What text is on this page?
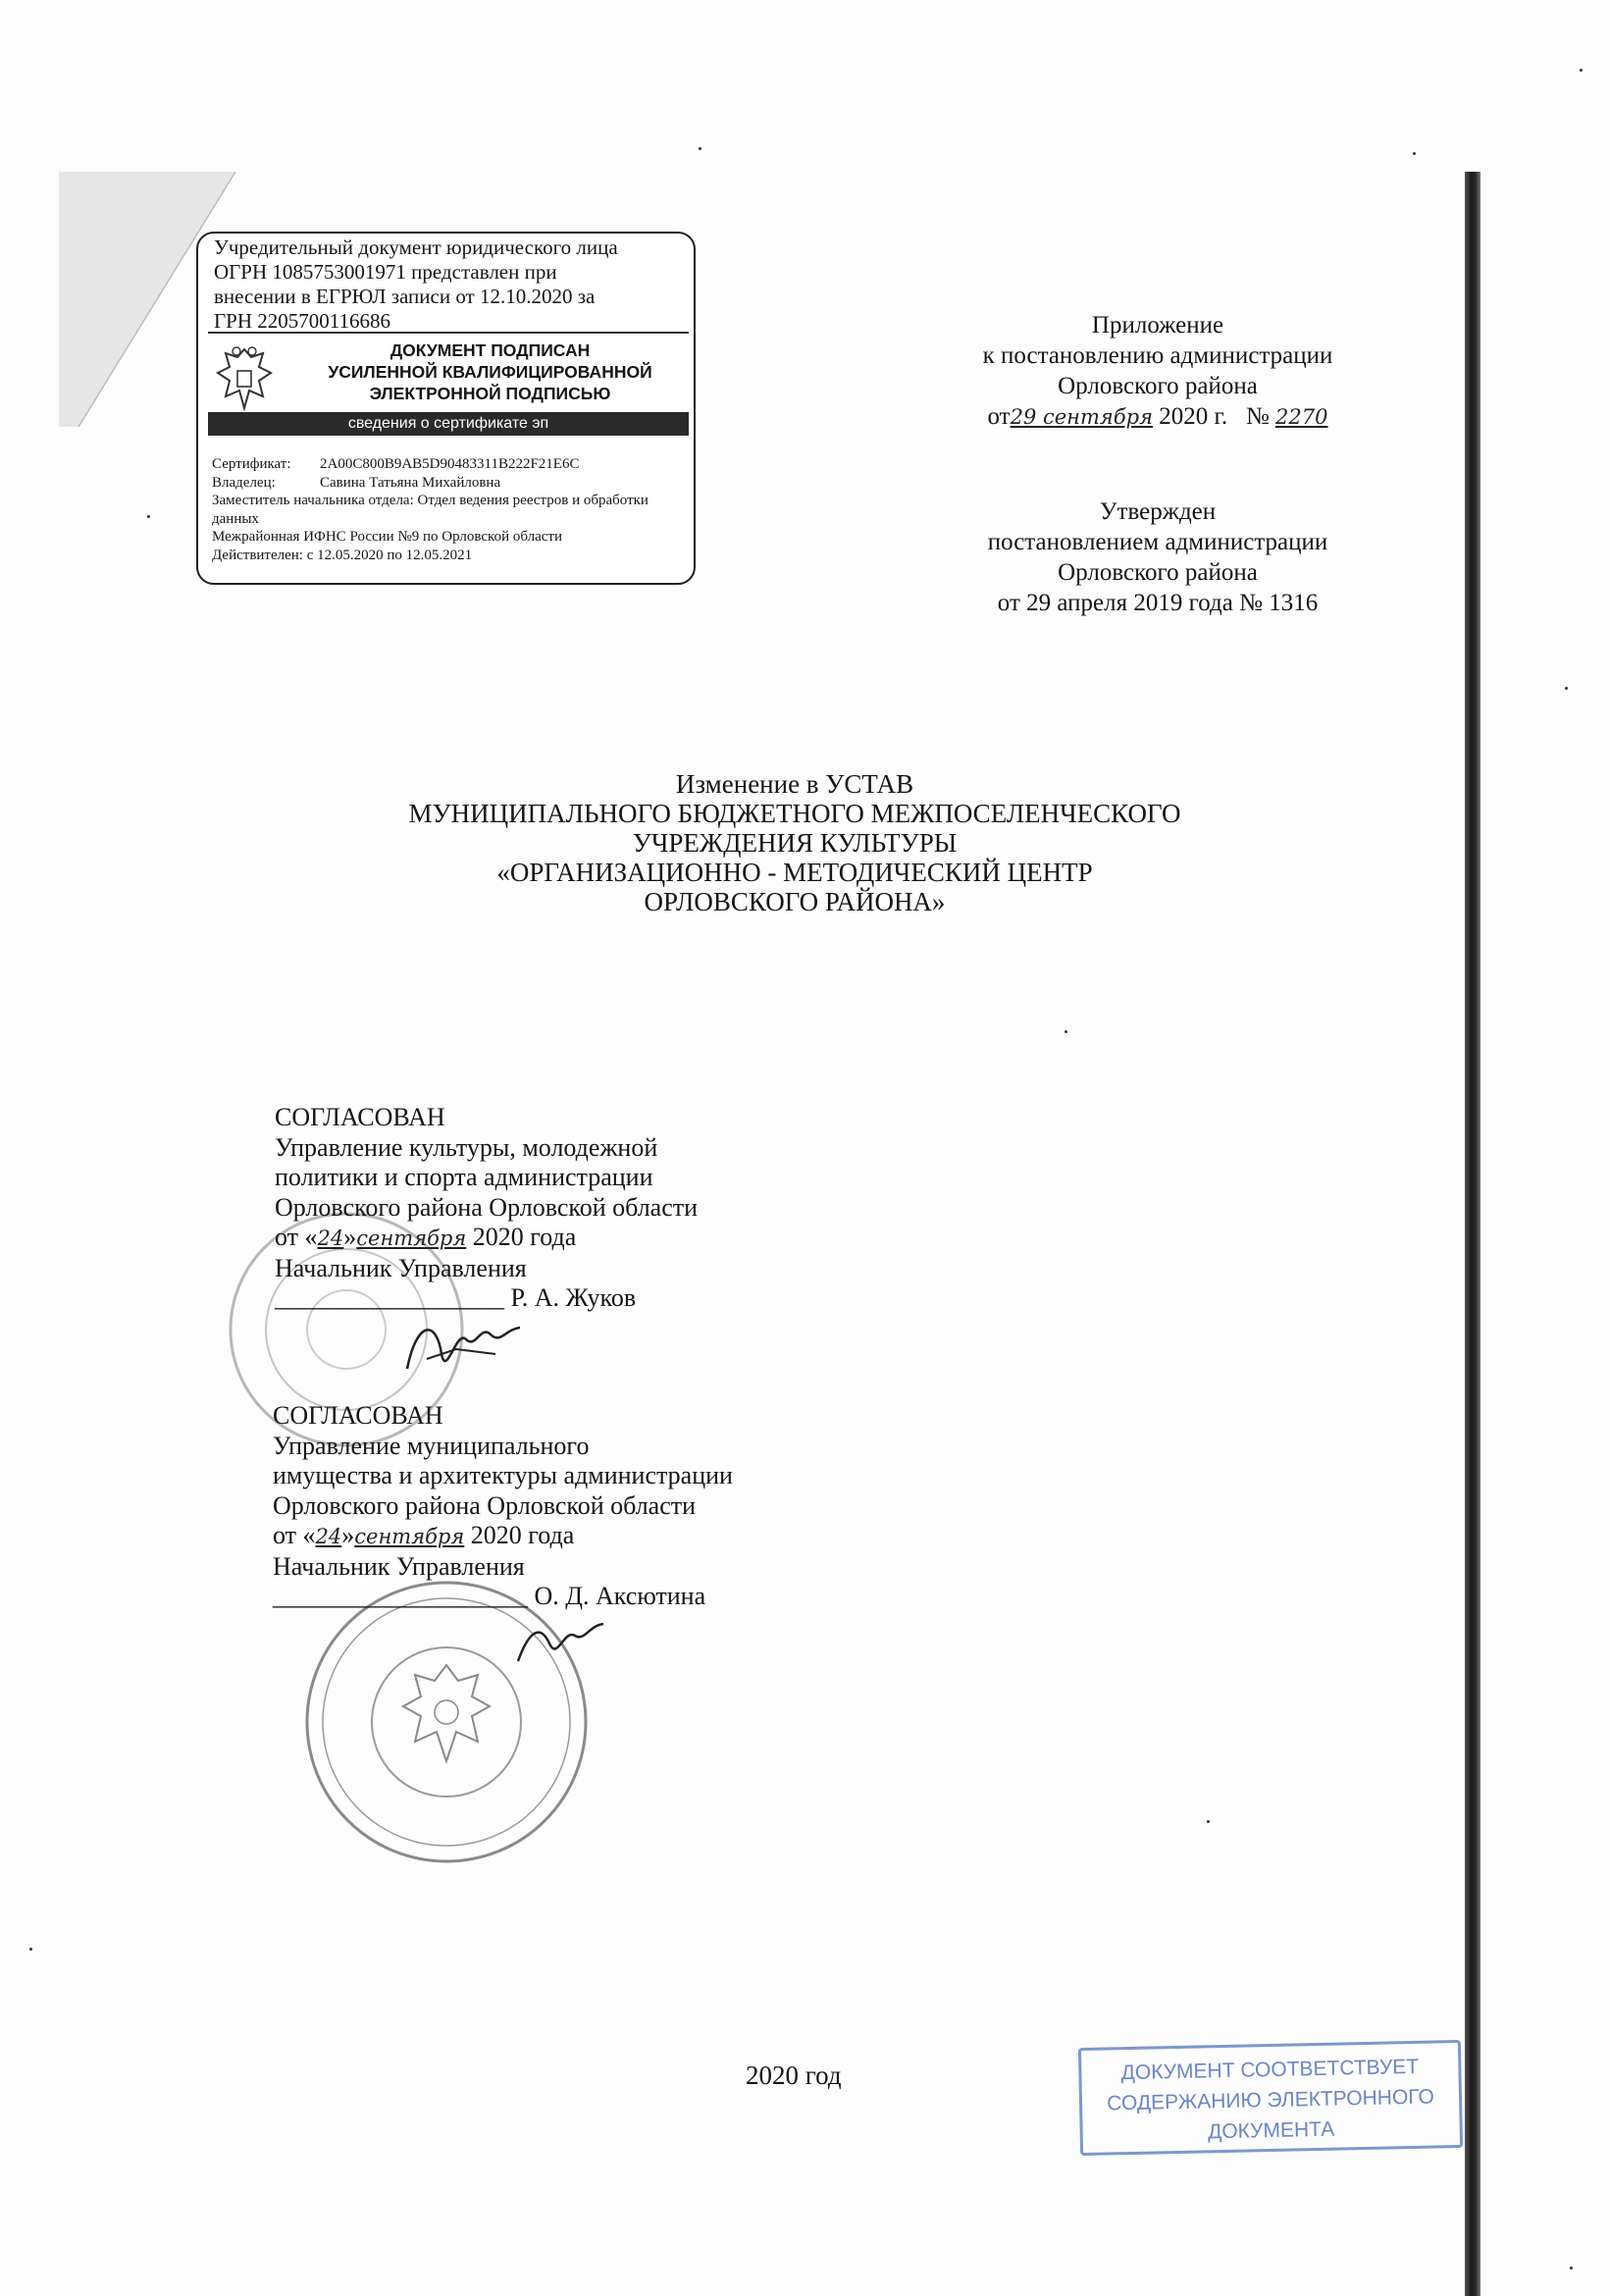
Учредительный документ юридического лица
ОГРН 1085753001971 представлен при
внесении в ЕГРЮЛ записи от 12.10.2020 за
ГРН 2205700116686
ДОКУМЕНТ ПОДПИСАН
УСИЛЕННОЙ КВАЛИФИЦИРОВАННОЙ
ЭЛЕКТРОННОЙ ПОДПИСЬЮ
сведения о сертификате эп
Сертификат: 2A00C800B9AB5D90483311B222F21E6C
Владелец:	Савина Татьяна Михайловна
Заместитель начальника отдела: Отдел ведения реестров и обработки данных
Межрайонная ИФНС России №9 по Орловской области
Действителен: с 12.05.2020 по 12.05.2021
Приложение
к постановлению администрации
Орловского района
от29 сентября 2020 г. № 2270
Утвержден
постановлением администрации
Орловского района
от 29 апреля 2019 года № 1316
Изменение в УСТАВ
МУНИЦИПАЛЬНОГО БЮДЖЕТНОГО МЕЖПОСЕЛЕНЧЕСКОГО
УЧРЕЖДЕНИЯ КУЛЬТУРЫ
«ОРГАНИЗАЦИОННО - МЕТОДИЧЕСКИЙ ЦЕНТР
ОРЛОВСКОГО РАЙОНА»
СОГЛАСОВАН
Управление культуры, молодежной
политики и спорта администрации
Орловского района Орловской области
от «24»сентября 2020 года
Начальник Управления
__________________ Р. А. Жуков
СОГЛАСОВАН
Управление муниципального
имущества и архитектуры администрации
Орловского района Орловской области
от «24»сентября 2020 года
Начальник Управления
____________________ О. Д. Аксютина
2020 год	ДОКУМЕНТ СООТВЕТСТВУЕТ
СОДЕРЖАНИЮ ЭЛЕКТРОННОГО
ДОКУМЕНТА
